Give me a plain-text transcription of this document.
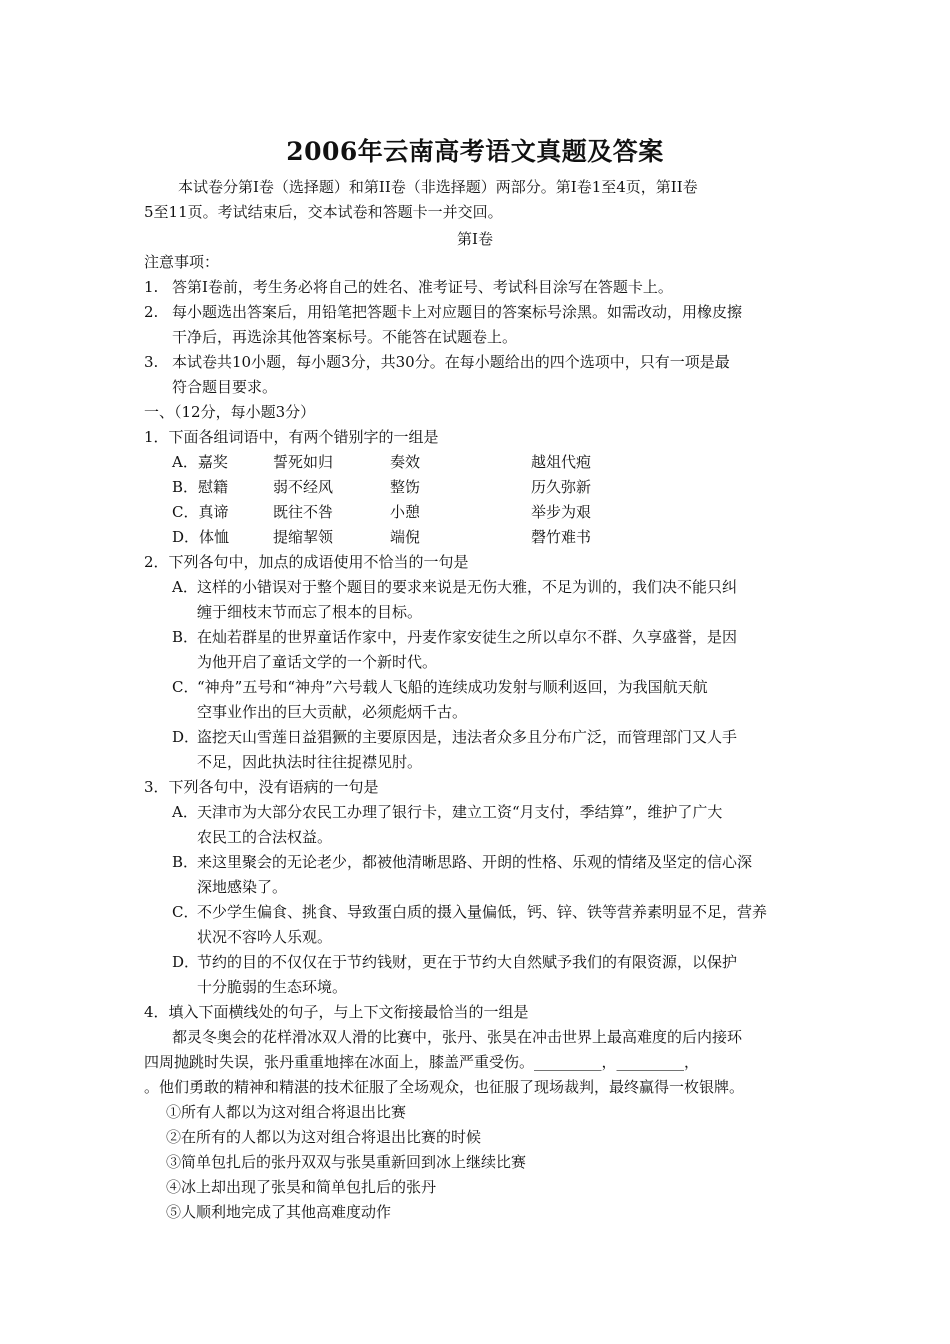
2006年云南高考语文真题及答案
本试卷分第Ⅰ卷（选择题）和第II卷（非选择题）两部分。第Ⅰ卷1至4页，第II卷
5至11页。考试结束后，交本试卷和答题卡一并交回。
第Ⅰ卷
注意事项：
1. 答第Ⅰ卷前，考生务必将自己的姓名、准考证号、考试科目涂写在答题卡上。
2. 每小题选出答案后，用铅笔把答题卡上对应题目的答案标号涂黑。如需改动，用橡皮擦
干净后，再选涂其他答案标号。不能答在试题卷上。
3. 本试卷共10小题，每小题3分，共30分。在每小题给出的四个选项中，只有一项是最
符合题目要求。
一、（12分，每小题3分）
1．下面各组词语中，有两个错别字的一组是
A．嘉奖	誓死如归	奏效	越俎代疱
B．慰籍	弱不经风	整饬	历久弥新
C．真谛	既往不咎	小憩	举步为艰
D．体恤	提缩挈领	端倪	磬竹难书
2．下列各句中，加点的成语使用不恰当的一句是
A． 这样的小错误对于整个题目的要求来说是无伤大雅，不足为训的，我们决不能只纠
缠于细枝末节而忘了根本的目标。
B．
在灿若群星的世界童话作家中，丹麦作家安徒生之所以卓尔不群、久享盛誉，是因
为他开启了童话文学的一个新时代。
C．
“神舟”五号和“神舟”六号载人飞船的连续成功发射与顺利返回，为我国航天航
空事业作出的巨大贡献，必须彪炳千古。
D．
盗挖天山雪莲日益猖獗的主要原因是，违法者众多且分布广泛，而管理部门又人手
不足，因此执法时往往捉襟见肘。
3．下列各句中，没有语病的一句是
A． 天津市为大部分农民工办理了银行卡，建立工资“月支付，季结算”，维护了广大
农民工的合法权益。
B．
来这里聚会的无论老少，都被他清晰思路、开朗的性格、乐观的情绪及坚定的信心深
深地感染了。
C．
不少学生偏食、挑食、导致蛋白质的摄入量偏低，钙、锌、铁等营养素明显不足，营养
状况不容吟人乐观。
D．
节约的目的不仅仅在于节约钱财，更在于节约大自然赋予我们的有限资源，以保护
十分脆弱的生态环境。
4．填入下面横线处的句子，与上下文衔接最恰当的一组是
都灵冬奥会的花样滑冰双人滑的比赛中，张丹、张昊在冲击世界上最高难度的后内接环
四周抛跳时失误，张丹重重地摔在冰面上，膝盖严重受伤。_________，_________，
。他们勇敢的精神和精湛的技术征服了全场观众，也征服了现场裁判，最终赢得一枚银牌。
①所有人都以为这对组合将退出比赛
②在所有的人都以为这对组合将退出比赛的时候
③简单包扎后的张丹双双与张昊重新回到冰上继续比赛
④冰上却出现了张昊和简单包扎后的张丹
⑤人顺利地完成了其他高难度动作
